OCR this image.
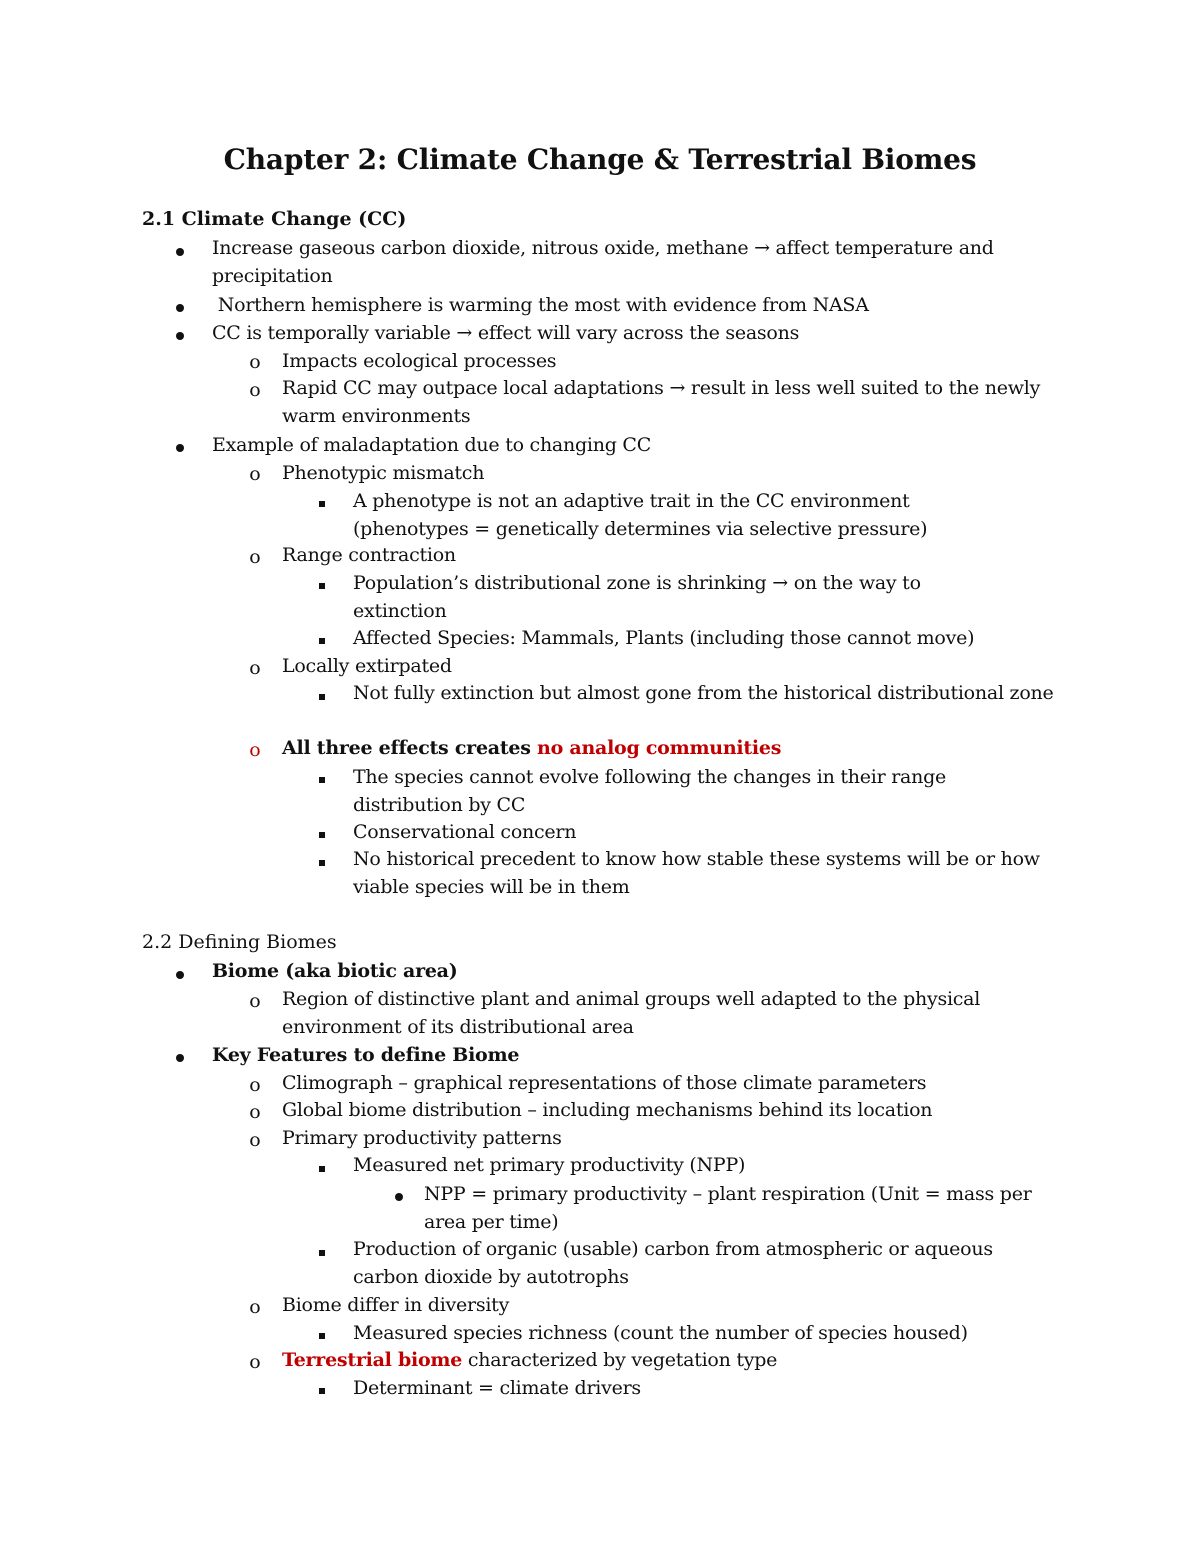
Chapter 2: Climate Change & Terrestrial Biomes
2.1 Climate Change (CC)
Increase gaseous carbon dioxide, nitrous oxide, methane → affect temperature and precipitation
Northern hemisphere is warming the most with evidence from NASA
CC is temporally variable → effect will vary across the seasons
o	Impacts ecological processes
o	Rapid CC may outpace local adaptations → result in less well suited to the newly warm environments
Example of maladaptation due to changing CC
o	Phenotypic mismatch
A phenotype is not an adaptive trait in the CC environment (phenotypes = genetically determines via selective pressure)
o	Range contraction
Population’s distributional zone is shrinking → on the way to extinction
Affected Species: Mammals, Plants (including those cannot move)
o	Locally extirpated
Not fully extinction but almost gone from the historical distributional zone
o	All three effects creates no analog communities
The species cannot evolve following the changes in their range distribution by CC
Conservational concern
No historical precedent to know how stable these systems will be or how viable species will be in them
2.2 Defining Biomes
Biome (aka biotic area)
o	Region of distinctive plant and animal groups well adapted to the physical environment of its distributional area
Key Features to define Biome
o	Climograph – graphical representations of those climate parameters
o	Global biome distribution – including mechanisms behind its location
o	Primary productivity patterns
Measured net primary productivity (NPP)
NPP = primary productivity – plant respiration (Unit = mass per area per time)
Production of organic (usable) carbon from atmospheric or aqueous carbon dioxide by autotrophs
o	Biome differ in diversity
Measured species richness (count the number of species housed)
o	Terrestrial biome characterized by vegetation type
Determinant = climate drivers
